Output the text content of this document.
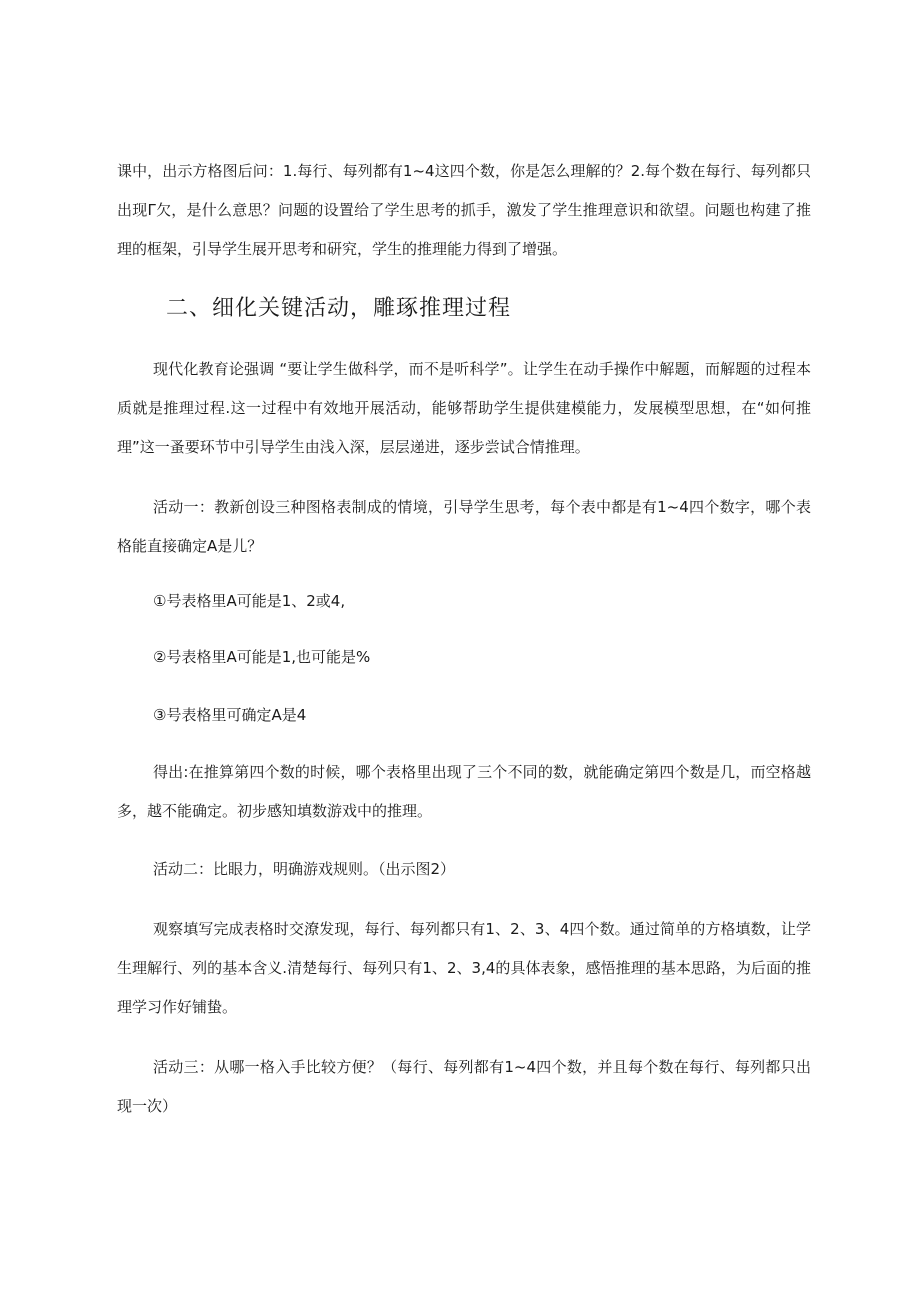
课中，出示方格图后问：1.每行、每列都有1~4这四个数，你是怎么理解的？2.每个数在每行、每列都只出现Γ欠，是什么意思？问题的设置给了学生思考的抓手，激发了学生推理意识和欲望。问题也构建了推理的框架，引导学生展开思考和研究，学生的推理能力得到了增强。

二、细化关键活动，雕琢推理过程

现代化教育论强调 “要让学生做科学，而不是听科学”。让学生在动手操作中解题，而解题的过程本质就是推理过程.这一过程中有效地开展活动，能够帮助学生提供建模能力，发展模型思想，在“如何推理”这一蚤要环节中引导学生由浅入深，层层递进，逐步尝试合情推理。

活动一：教新创设三种图格表制成的情境，引导学生思考，每个表中都是有1~4四个数字，哪个表格能直接确定A是儿？

①号表格里A可能是1、2或4,

②号表格里A可能是1,也可能是%

③号表格里可确定A是4

得出:在推算第四个数的时候，哪个表格里出现了三个不同的数，就能确定第四个数是几，而空格越多，越不能确定。初步感知填数游戏中的推理。

活动二：比眼力，明确游戏规则。（出示图2）

观察填写完成表格时交潦发现，每行、每列都只有1、2、3、4四个数。通过简单的方格填数，让学生理解行、列的基本含义.清楚每行、每列只有1、2、3,4的具体表象，感悟推理的基本思路，为后面的推理学习作好铺蛰。

活动三：从哪一格入手比较方便？（每行、每列都有1~4四个数，并且每个数在每行、每列都只出现一次）
